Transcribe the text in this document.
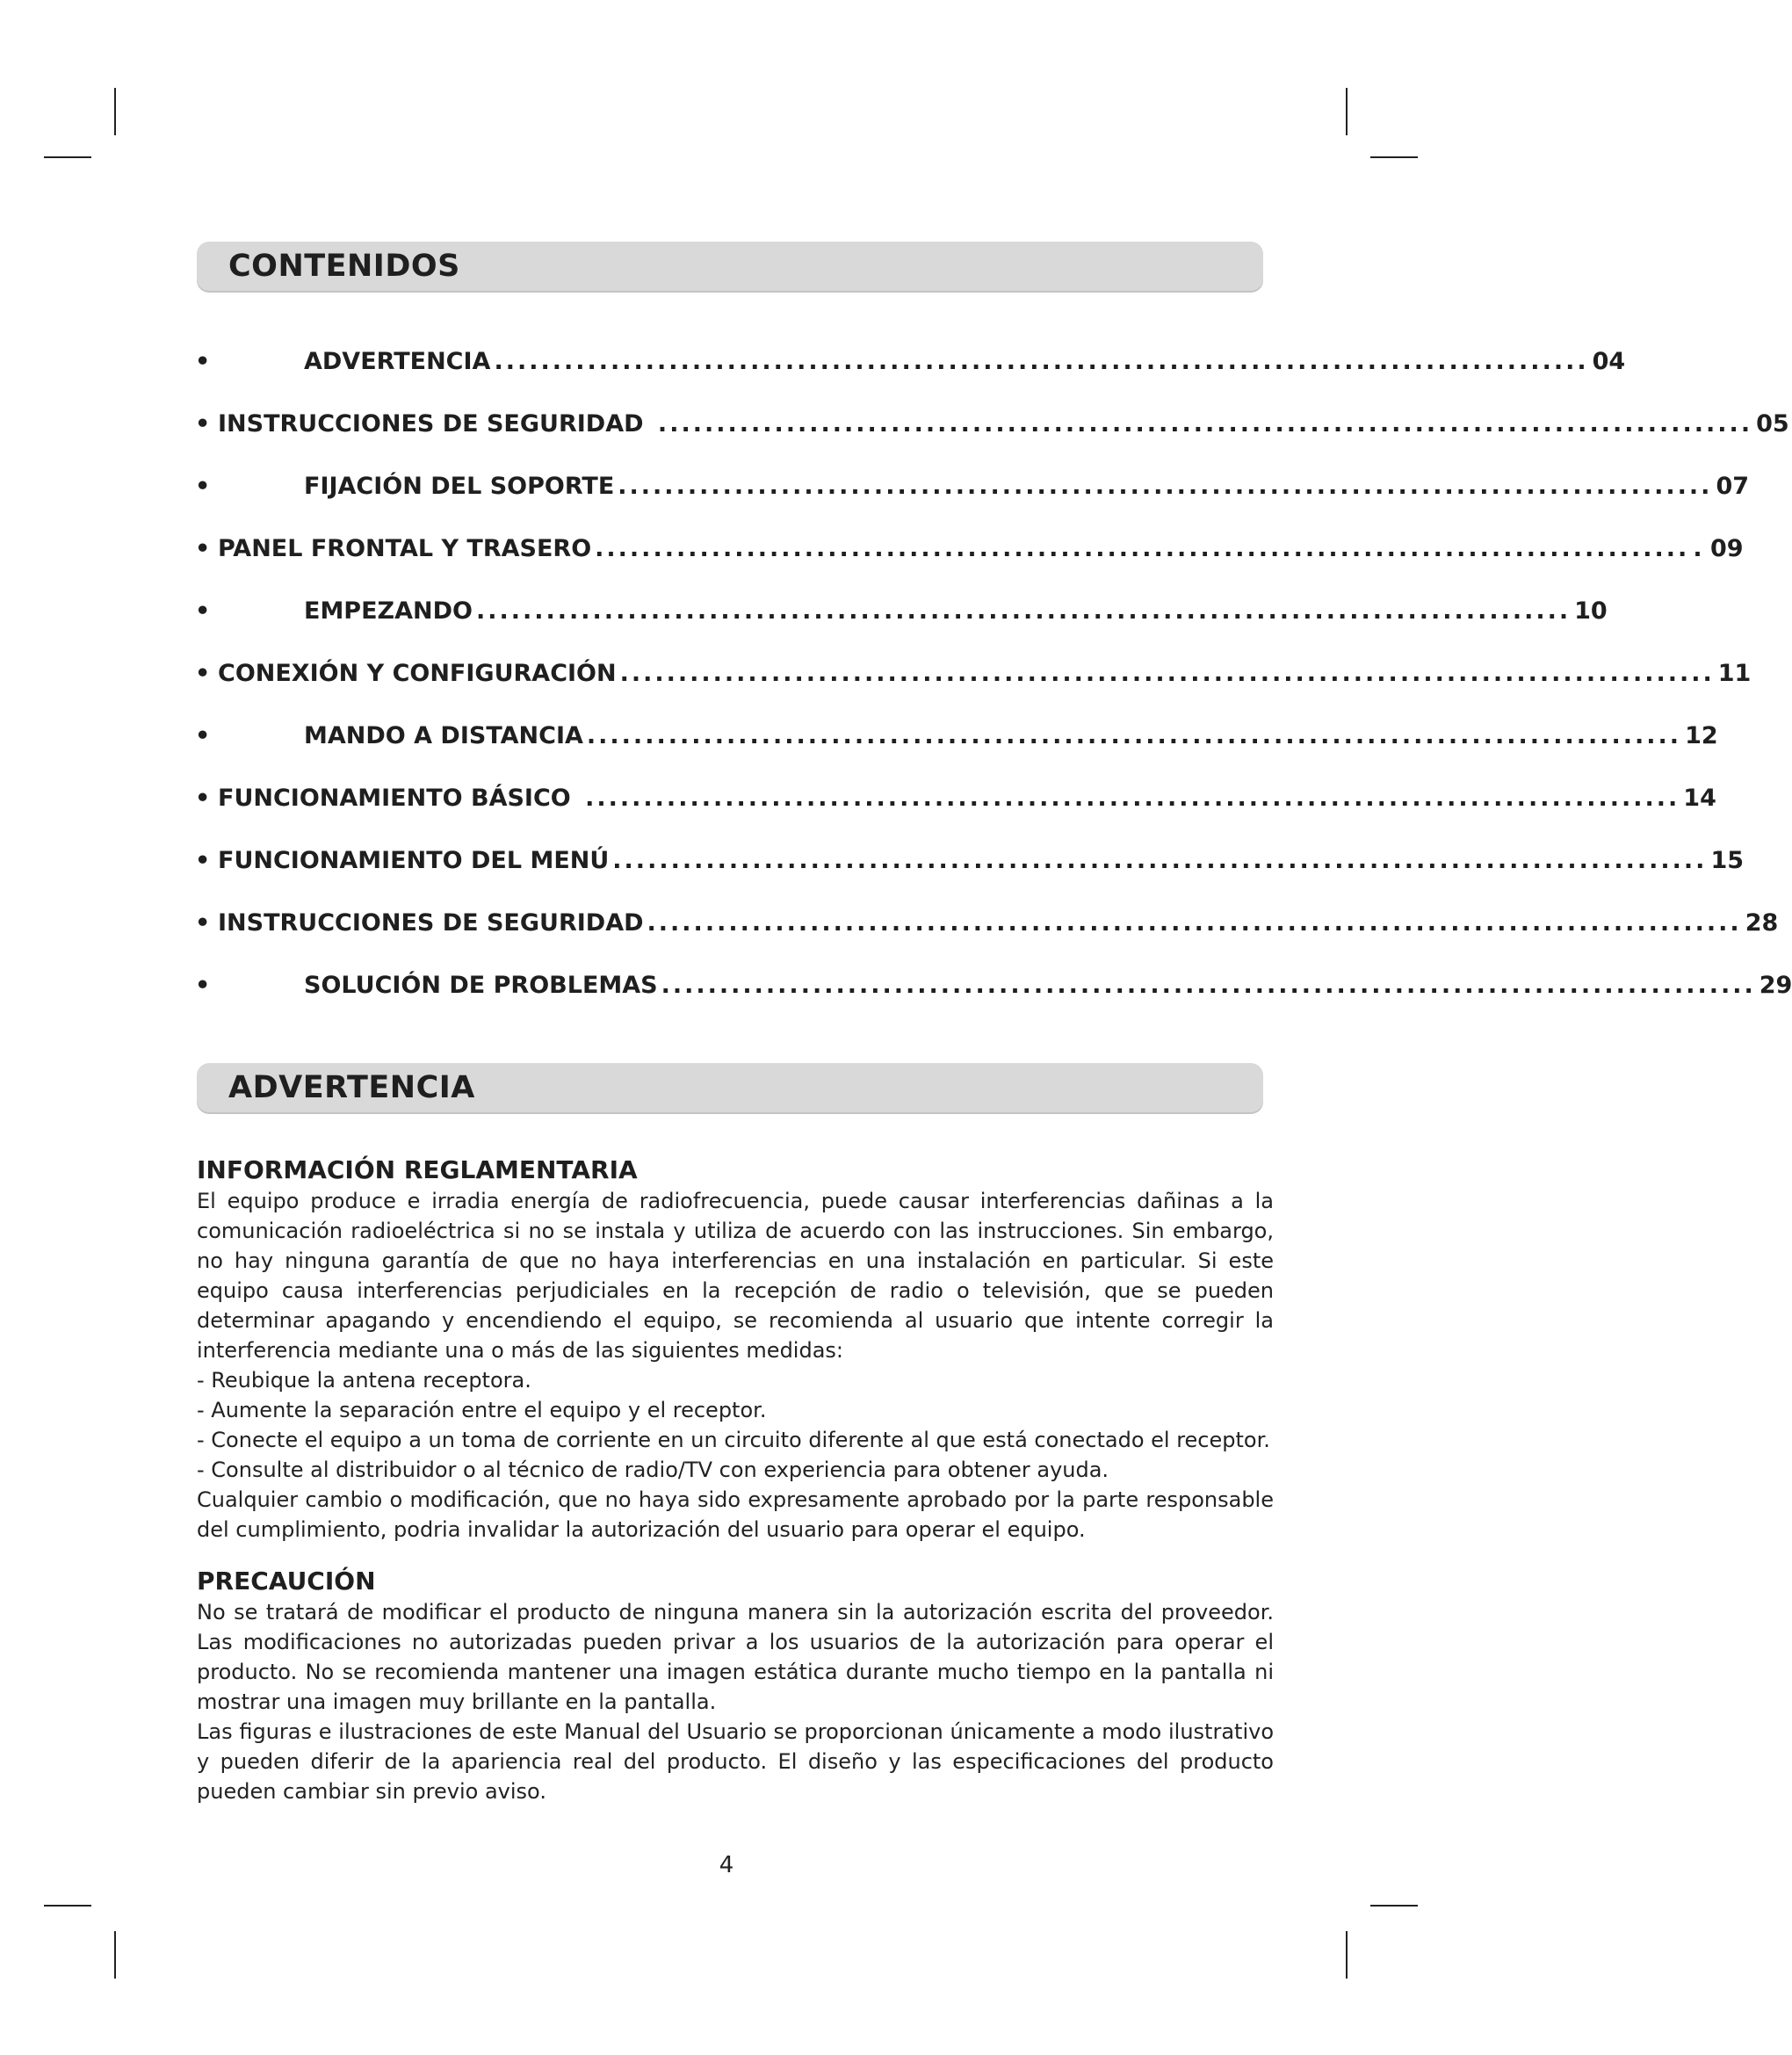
CONTENIDOS
•	ADVERTENCIA .............................................................................................. 04
• INSTRUCCIONES DE SEGURIDAD .............................................................................................. 05
•	FIJACIÓN DEL SOPORTE .............................................................................................. 07
• PANEL FRONTAL Y TRASERO .............................................................................................. . 09
•	EMPEZANDO .............................................................................................. 10
• CONEXIÓN Y CONFIGURACIÓN .............................................................................................. 11
•	MANDO A DISTANCIA .............................................................................................. 12
• FUNCIONAMIENTO BÁSICO .............................................................................................. 14
• FUNCIONAMIENTO DEL MENÚ .............................................................................................. 15
• INSTRUCCIONES DE SEGURIDAD .............................................................................................. 28
•	SOLUCIÓN DE PROBLEMAS .............................................................................................. 29
ADVERTENCIA
INFORMACIÓN REGLAMENTARIA

El equipo produce e irradia energía de radiofrecuencia, puede causar interferencias dañinas a la comunicación radioeléctrica si no se instala y utiliza de acuerdo con las instrucciones. Sin embargo, no hay ninguna garantía de que no haya interferencias en una instalación en particular. Si este equipo causa interferencias perjudiciales en la recepción de radio o televisión, que se pueden determinar apagando y encendiendo el equipo, se recomienda al usuario que intente corregir la interferencia mediante una o más de las siguientes medidas:

- Reubique la antena receptora.

- Aumente la separación entre el equipo y el receptor.

- Conecte el equipo a un toma de corriente en un circuito diferente al que está conectado el receptor.

- Consulte al distribuidor o al técnico de radio/TV con experiencia para obtener ayuda.

Cualquier cambio o modificación, que no haya sido expresamente aprobado por la parte responsable del cumplimiento, podria invalidar la autorización del usuario para operar el equipo.

PRECAUCIÓN

No se tratará de modificar el producto de ninguna manera sin la autorización escrita del proveedor. Las modificaciones no autorizadas pueden privar a los usuarios de la autorización para operar el producto. No se recomienda mantener una imagen estática durante mucho tiempo en la pantalla ni mostrar una imagen muy brillante en la pantalla.

Las figuras e ilustraciones de este Manual del Usuario se proporcionan únicamente a modo ilustrativo y pueden diferir de la apariencia real del producto. El diseño y las especificaciones del producto pueden cambiar sin previo aviso.

4
